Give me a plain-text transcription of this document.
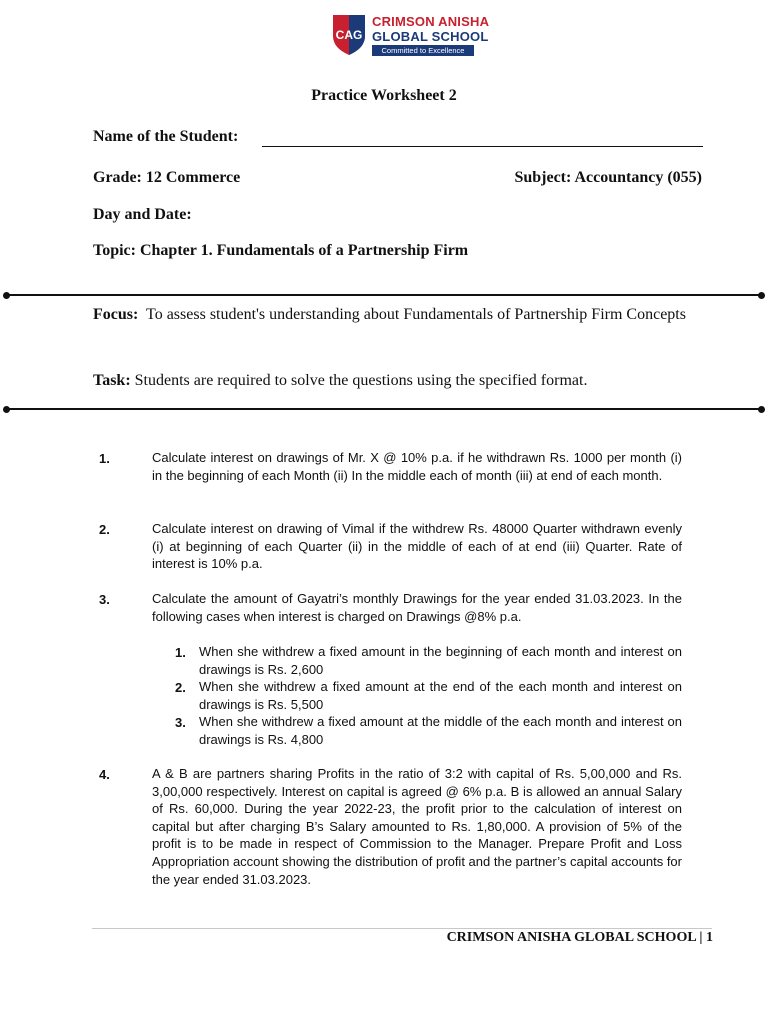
CAG
CRIMSON ANISHA
GLOBAL SCHOOL
Committed to Excellence
Practice Worksheet 2
Name of the Student:
Grade: 12 Commerce	Subject: Accountancy (055)
Day and Date:
Topic: Chapter 1. Fundamentals of a Partnership Firm
Focus: To assess student's understanding about Fundamentals of Partnership Firm Concepts
Task: Students are required to solve the questions using the specified format.
1.	Calculate interest on drawings of Mr. X @ 10% p.a. if he withdrawn Rs. 1000 per month (i) in the beginning of each Month (ii) In the middle each of month (iii) at end of each month.
2.	Calculate interest on drawing of Vimal if the withdrew Rs. 48000 Quarter withdrawn evenly (i) at beginning of each Quarter (ii) in the middle of each of at end (iii) Quarter. Rate of interest is 10% p.a.
3.	Calculate the amount of Gayatri’s monthly Drawings for the year ended 31.03.2023. In the following cases when interest is charged on Drawings @8% p.a.
1. When she withdrew a fixed amount in the beginning of each month and interest on drawings is Rs. 2,600
2. When she withdrew a fixed amount at the end of the each month and interest on drawings is Rs. 5,500
3. When she withdrew a fixed amount at the middle of the each month and interest on drawings is Rs. 4,800
4.	A & B are partners sharing Profits in the ratio of 3:2 with capital of Rs. 5,00,000 and Rs. 3,00,000 respectively. Interest on capital is agreed @ 6% p.a. B is allowed an annual Salary of Rs. 60,000. During the year 2022-23, the profit prior to the calculation of interest on capital but after charging B’s Salary amounted to Rs. 1,80,000. A provision of 5% of the profit is to be made in respect of Commission to the Manager. Prepare Profit and Loss Appropriation account showing the distribution of profit and the partner’s capital accounts for the year ended 31.03.2023.
CRIMSON ANISHA GLOBAL SCHOOL | 1
